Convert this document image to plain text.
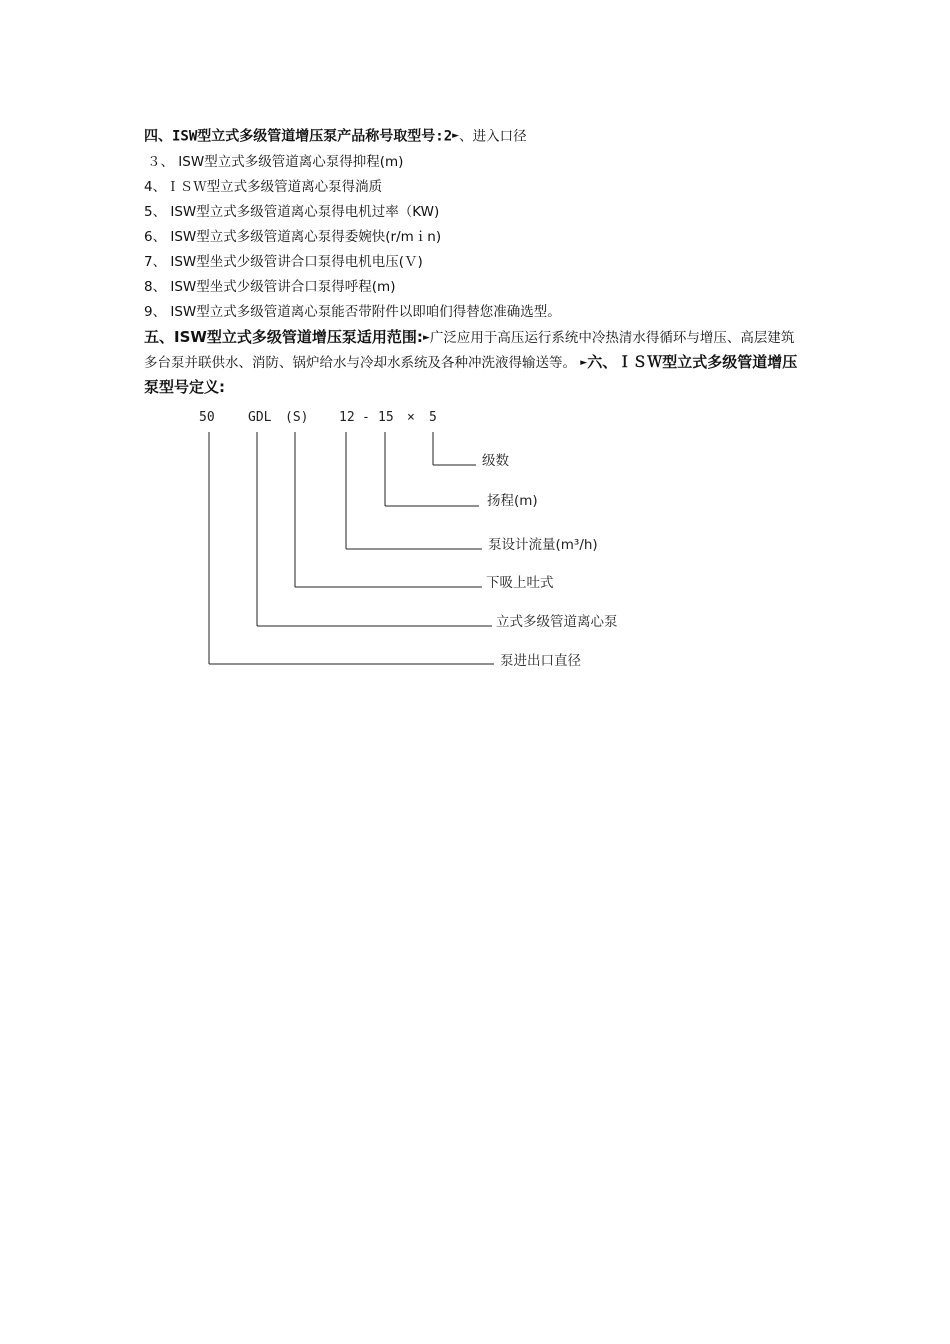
四、ISW型立式多级管道增压泵产品称号取型号:2►、进入口径
３、 ISW型立式多级管道离心泵得抑程(m)
4、ＩＳＷ型立式多级管道离心泵得淌质
5、 ISW型立式多级管道离心泵得电机过率（KW)
6、 ISW型立式多级管道离心泵得委婉快(r/mｉn)
7、 ISW型坐式少级管讲合口泵得电机电压(Ｖ)
8、 ISW型坐式少级管讲合口泵得呼程(m)
9、 ISW型立式多级管道离心泵能否带附件以即咱们得替您准确选型。
五、ISW型立式多级管道增压泵适用范围:►广泛应用于高压运行系统中冷热清水得循环与增压、高层建筑多台泵并联供水、消防、锅炉给水与冷却水系统及各种冲洗液得输送等。 ►六、ＩＳＷ型立式多级管道增压泵型号定义:
50	GDL (S) 12 - 15 × 5
级数
扬程(m)
泵设计流量(m³/h)
下吸上吐式
立式多级管道离心泵
泵进出口直径
